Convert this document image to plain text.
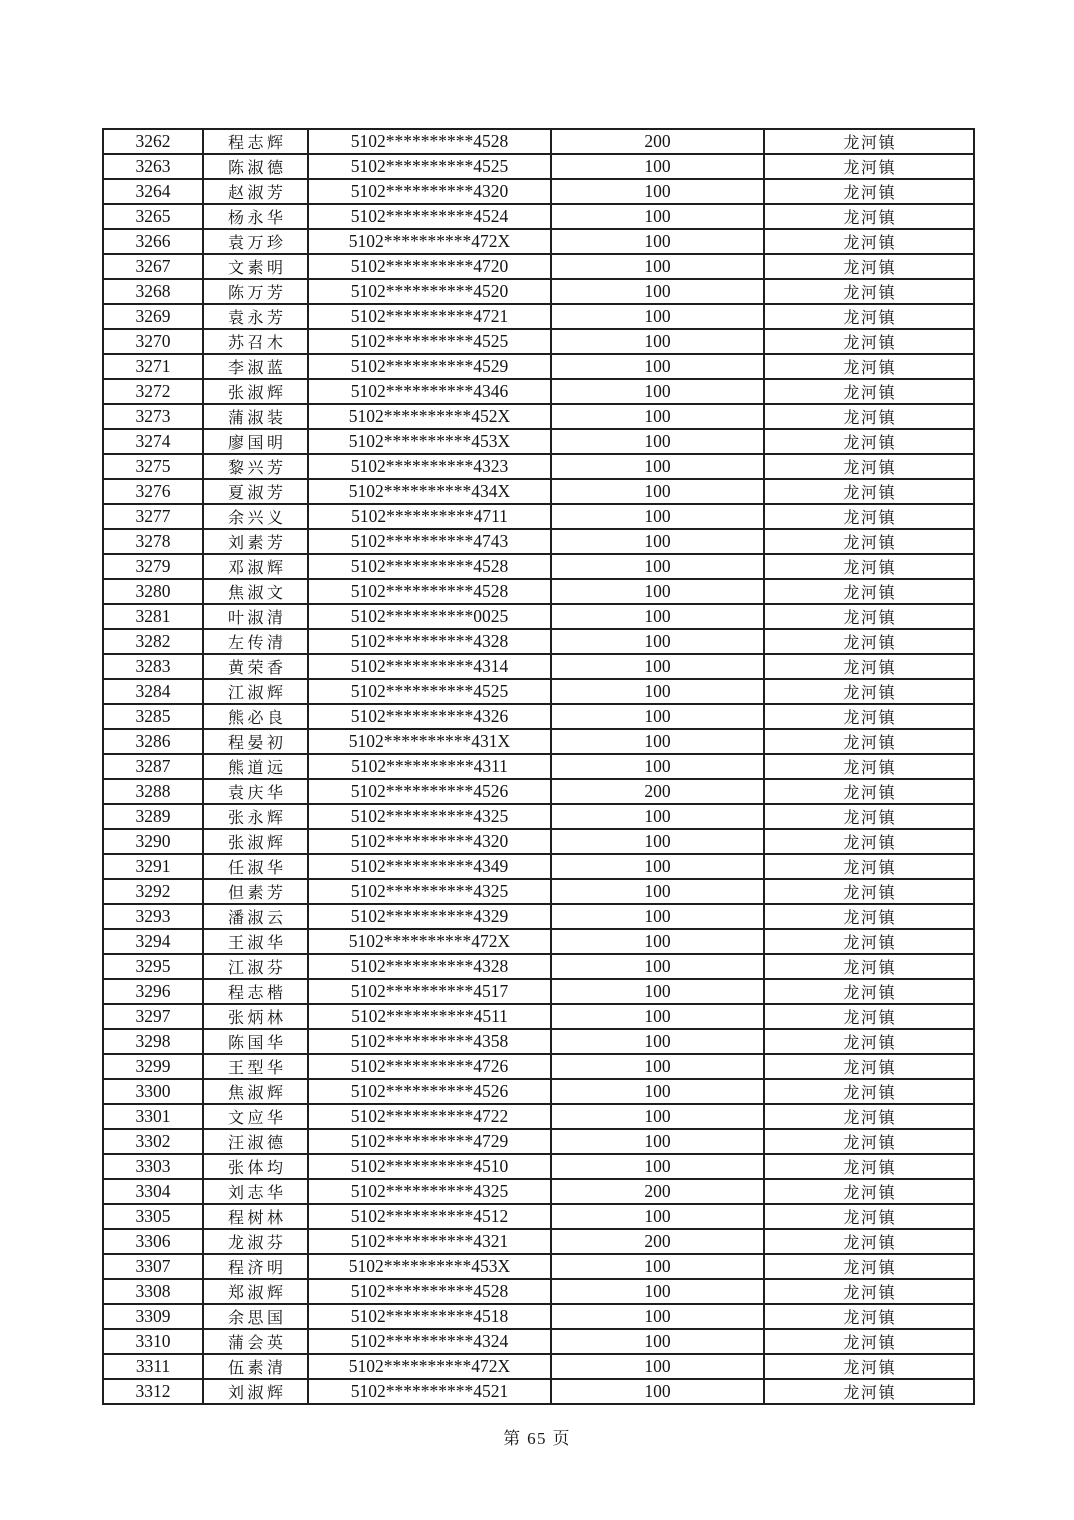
3262	程志辉	5102**********4528	200	龙河镇
3263	陈淑德	5102**********4525	100	龙河镇
3264	赵淑芳	5102**********4320	100	龙河镇
3265	杨永华	5102**********4524	100	龙河镇
3266	袁万珍	5102**********472X	100	龙河镇
3267	文素明	5102**********4720	100	龙河镇
3268	陈万芳	5102**********4520	100	龙河镇
3269	袁永芳	5102**********4721	100	龙河镇
3270	苏召木	5102**********4525	100	龙河镇
3271	李淑蓝	5102**********4529	100	龙河镇
3272	张淑辉	5102**********4346	100	龙河镇
3273	蒲淑装	5102**********452X	100	龙河镇
3274	廖国明	5102**********453X	100	龙河镇
3275	黎兴芳	5102**********4323	100	龙河镇
3276	夏淑芳	5102**********434X	100	龙河镇
3277	余兴义	5102**********4711	100	龙河镇
3278	刘素芳	5102**********4743	100	龙河镇
3279	邓淑辉	5102**********4528	100	龙河镇
3280	焦淑文	5102**********4528	100	龙河镇
3281	叶淑清	5102**********0025	100	龙河镇
3282	左传清	5102**********4328	100	龙河镇
3283	黄荣香	5102**********4314	100	龙河镇
3284	江淑辉	5102**********4525	100	龙河镇
3285	熊必良	5102**********4326	100	龙河镇
3286	程晏初	5102**********431X	100	龙河镇
3287	熊道远	5102**********4311	100	龙河镇
3288	袁庆华	5102**********4526	200	龙河镇
3289	张永辉	5102**********4325	100	龙河镇
3290	张淑辉	5102**********4320	100	龙河镇
3291	任淑华	5102**********4349	100	龙河镇
3292	但素芳	5102**********4325	100	龙河镇
3293	潘淑云	5102**********4329	100	龙河镇
3294	王淑华	5102**********472X	100	龙河镇
3295	江淑芬	5102**********4328	100	龙河镇
3296	程志楷	5102**********4517	100	龙河镇
3297	张炳林	5102**********4511	100	龙河镇
3298	陈国华	5102**********4358	100	龙河镇
3299	王型华	5102**********4726	100	龙河镇
3300	焦淑辉	5102**********4526	100	龙河镇
3301	文应华	5102**********4722	100	龙河镇
3302	汪淑德	5102**********4729	100	龙河镇
3303	张体均	5102**********4510	100	龙河镇
3304	刘志华	5102**********4325	200	龙河镇
3305	程树林	5102**********4512	100	龙河镇
3306	龙淑芬	5102**********4321	200	龙河镇
3307	程济明	5102**********453X	100	龙河镇
3308	郑淑辉	5102**********4528	100	龙河镇
3309	余思国	5102**********4518	100	龙河镇
3310	蒲会英	5102**********4324	100	龙河镇
3311	伍素清	5102**********472X	100	龙河镇
3312	刘淑辉	5102**********4521	100	龙河镇
第 65 页
